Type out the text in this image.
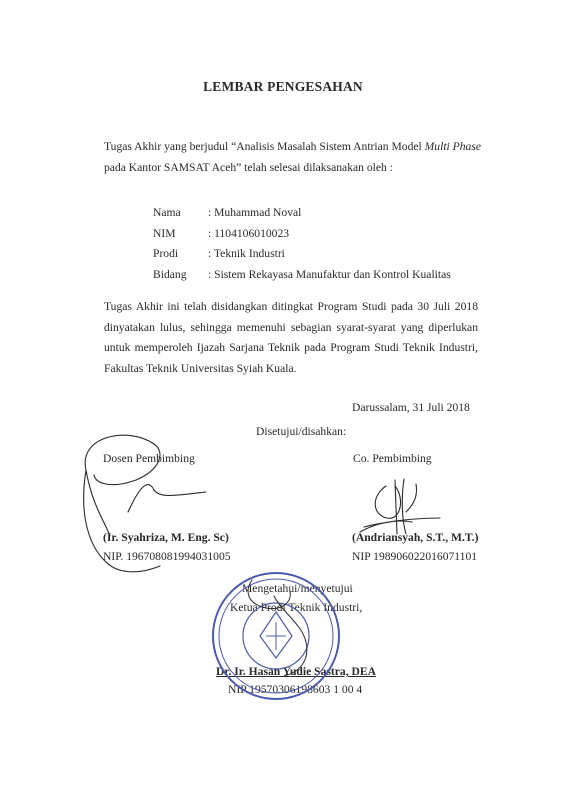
LEMBAR PENGESAHAN
Tugas Akhir yang berjudul “Analisis Masalah Sistem Antrian Model Multi Phase
pada Kantor SAMSAT Aceh” telah selesai dilaksanakan oleh :
Nama	: Muhammad Noval
NIM	: 1104106010023
Prodi	: Teknik Industri
Bidang	: Sistem Rekayasa Manufaktur dan Kontrol Kualitas
Tugas Akhir ini telah disidangkan ditingkat Program Studi pada 30 Juli 2018
dinyatakan lulus, sehingga memenuhi sebagian syarat-syarat yang diperlukan
untuk memperoleh Ijazah Sarjana Teknik pada Program Studi Teknik Industri,
Fakultas Teknik Universitas Syiah Kuala.
Darussalam, 31 Juli 2018
Disetujui/disahkan:
Dosen Pembimbing	Co. Pembimbing
(Ir. Syahriza, M. Eng. Sc)	(Andriansyah, S.T., M.T.)
NIP. 196708081994031005	NIP 198906022016071101
Mengetahui/menyetujui
Ketua Prodi Teknik Industri,
Dr. Ir. Hasan Yudie Sastra, DEA
NIP 19570306198603 1 00 4
